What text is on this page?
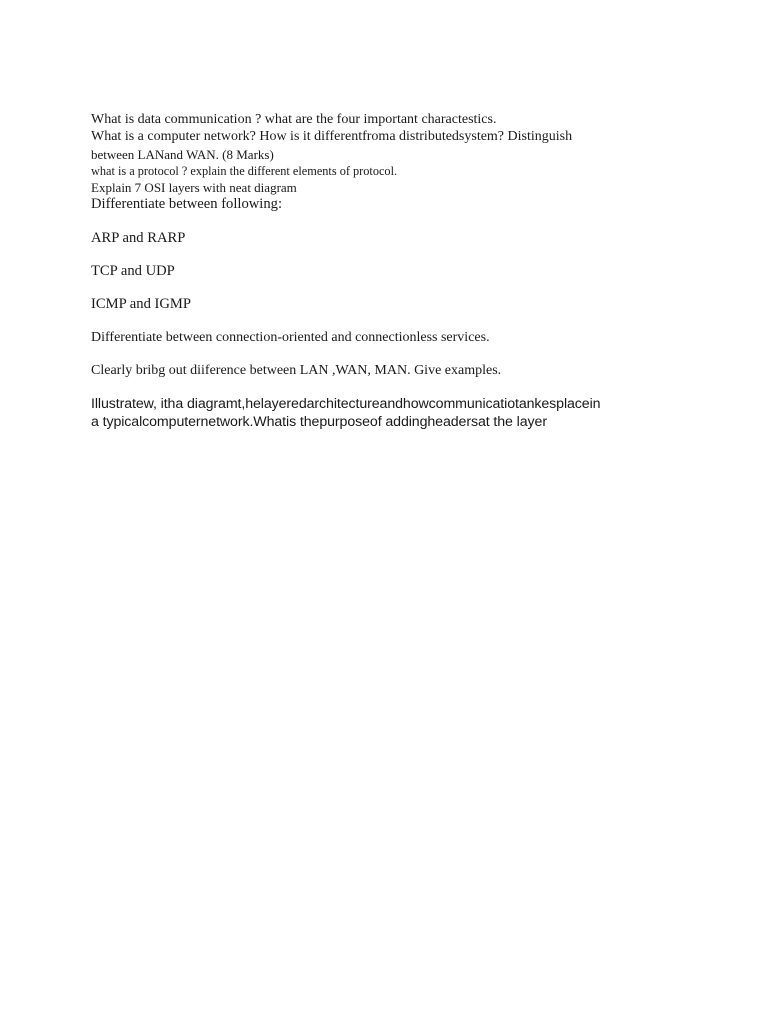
What is data communication ? what are the four important charactestics.
What is a computer network? How is it differentfroma distributedsystem? Distinguish
between LANand WAN. (8 Marks)
what is a protocol ? explain the different elements of protocol.
Explain 7 OSI layers with neat diagram
Differentiate between following:
ARP and RARP
TCP and UDP
ICMP and IGMP
Differentiate between connection-oriented and connectionless services.
Clearly bribg out diiference between LAN ,WAN, MAN. Give examples.
Illustratew, itha diagramt,helayeredarchitectureandhowcommunicatiotankesplacein
a typicalcomputernetwork.Whatis thepurposeof addingheadersat the layer
